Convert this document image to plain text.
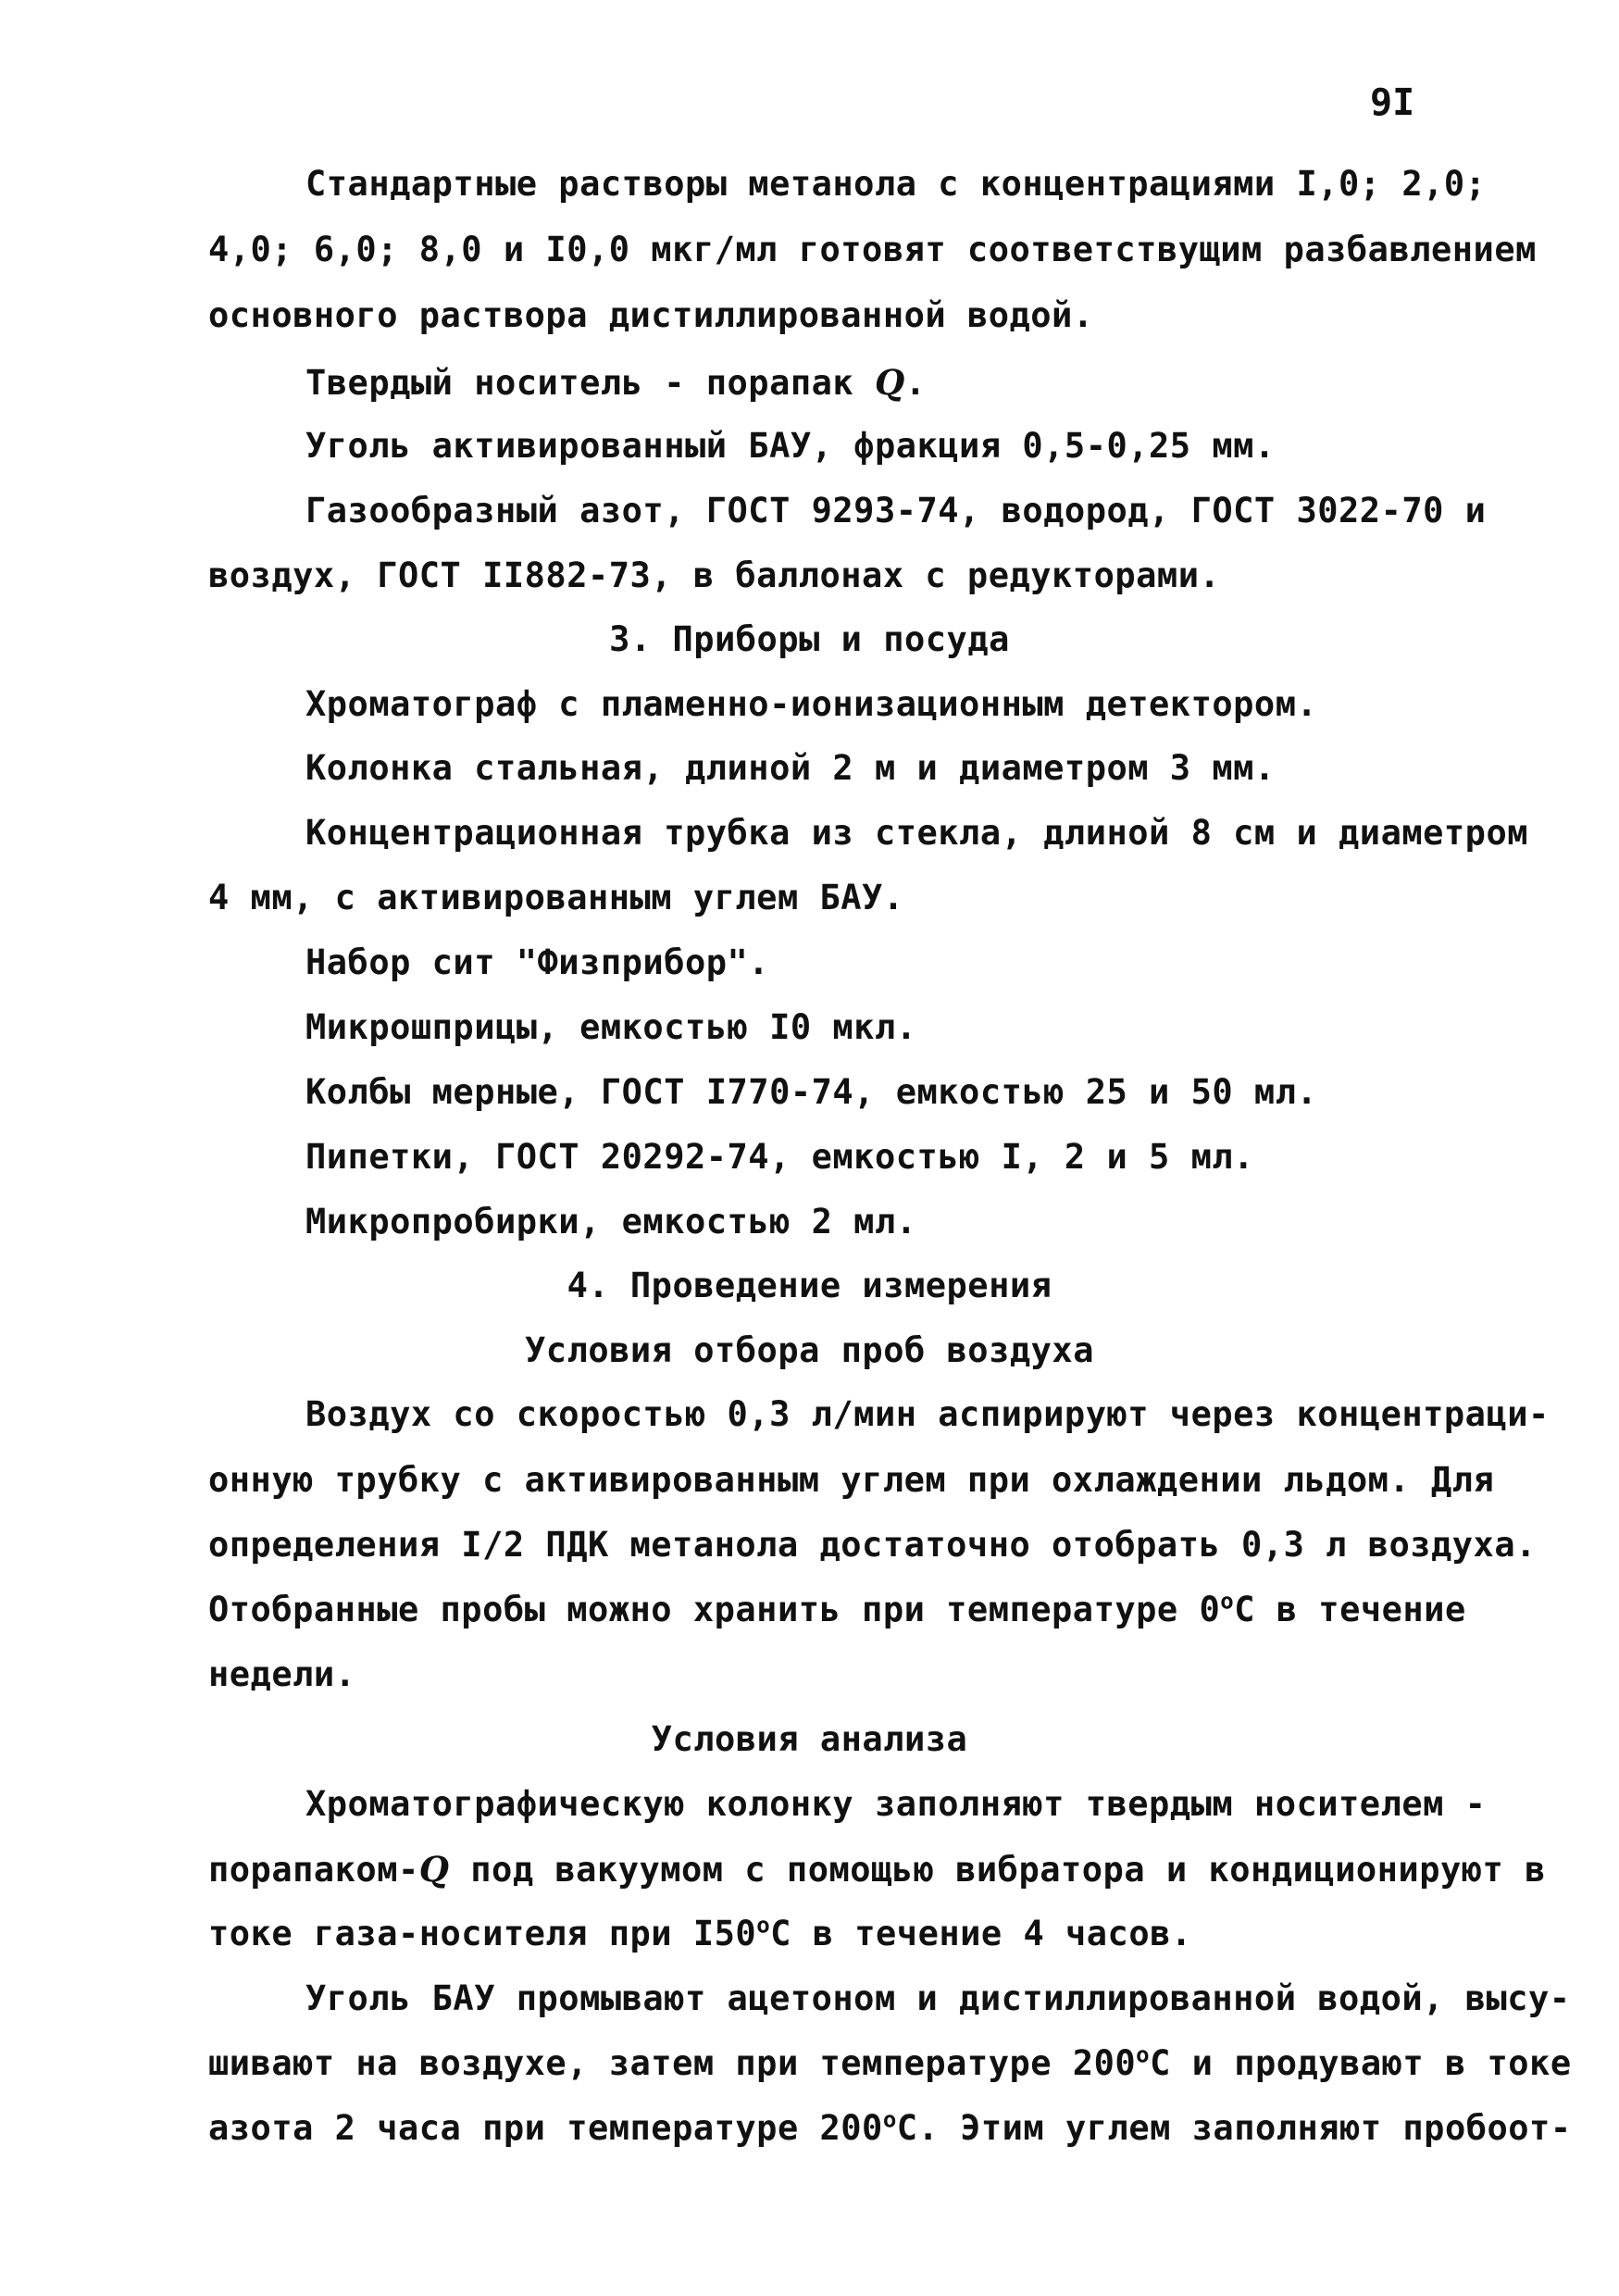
9I
Стандартные растворы метанола с концентрациями I,0; 2,0;
4,0; 6,0; 8,0 и I0,0 мкг/мл готовят соответствущим разбавлением
основного раствора дистиллированной водой.
Твердый носитель - порапак Q.
Уголь активированный БАУ, фракция 0,5-0,25 мм.
Газообразный азот, ГОСТ 9293-74, водород, ГОСТ 3022-70 и
воздух, ГОСТ II882-73, в баллонах с редукторами.
3. Приборы и посуда
Хроматограф с пламенно-ионизационным детектором.
Колонка стальная, длиной 2 м и диаметром 3 мм.
Концентрационная трубка из стекла, длиной 8 см и диаметром
4 мм, с активированным углем БАУ.
Набор сит "Физприбор".
Микрошприцы, емкостью I0 мкл.
Колбы мерные, ГОСТ I770-74, емкостью 25 и 50 мл.
Пипетки, ГОСТ 20292-74, емкостью I, 2 и 5 мл.
Микропробирки, емкостью 2 мл.
4. Проведение измерения
Условия отбора проб воздуха
Воздух со скоростью 0,3 л/мин аспирируют через концентраци-
онную трубку с активированным углем при охлаждении льдом. Для
определения I/2 ПДК метанола достаточно отобрать 0,3 л воздуха.
Отобранные пробы можно хранить при температуре $0^оС$ в течение
недели.
Условия анализа
Хроматографическую колонку заполняют твердым носителем -
порапаком-Q под вакуумом с помощью вибратора и кондиционируют в
токе газа-носителя при $I50^оС$ в течение 4 часов.
Уголь БАУ промывают ацетоном и дистиллированной водой, высу-
шивают на воздухе, затем при температуре $200^оС$ и продувают в токе
азота 2 часа при температуре $200^оС$. Этим углем заполняют пробоот-
